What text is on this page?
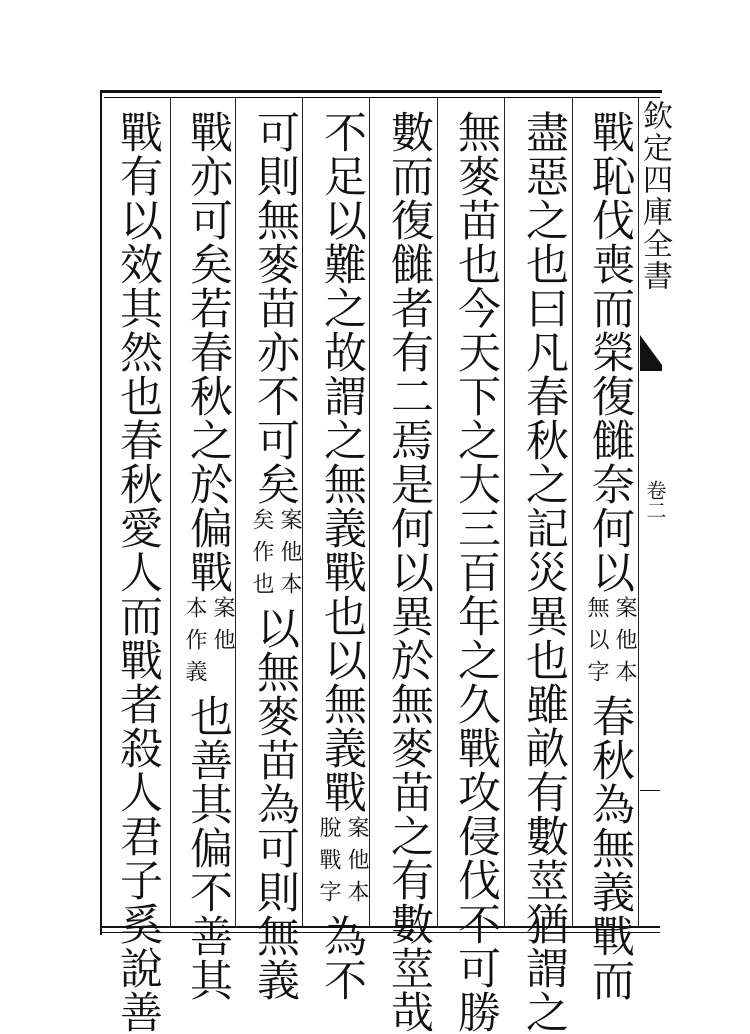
欽定四庫全書
卷二
戰恥伐喪而榮復雠奈何以
案他本
無以字
春秋為無義戰而
盡惡之也曰凡春秋之記災異也雖畝有數莖猶謂之
無麥苗也今天下之大三百年之久戰攻侵伐不可勝
數而復雠者有二焉是何以異於無麥苗之有數莖哉
不足以難之故謂之無義戰也以無義戰
案他本
脫戰字
為不
可則無麥苗亦不可矣
案他本
矣作也
以無麥苗為可則無義
戰亦可矣若春秋之於偏戰
案他
本作義
也善其偏不善其
戰有以效其然也春秋愛人而戰者殺人君子奚說善
